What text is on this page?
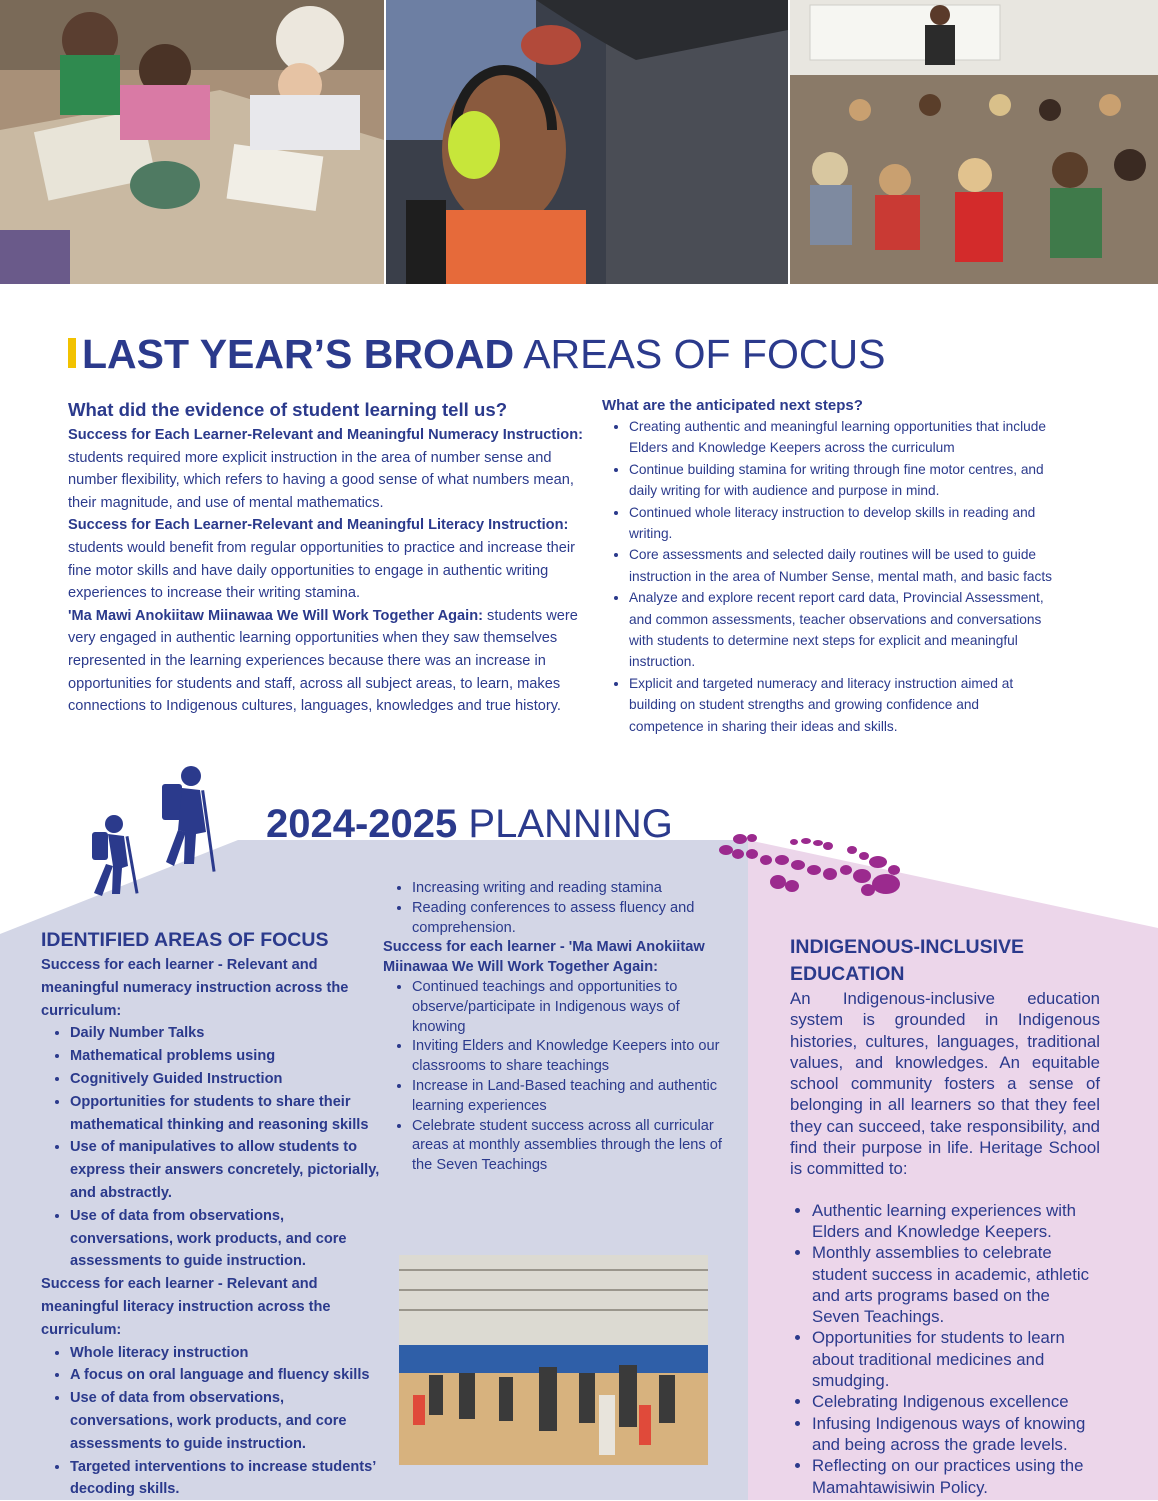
LAST YEAR’S BROAD AREAS OF FOCUS
What did the evidence of student learning tell us?
Success for Each Learner-Relevant and Meaningful Numeracy Instruction: students required more explicit instruction in the area of number sense and number flexibility, which refers to having a good sense of what numbers mean, their magnitude, and use of mental mathematics.
Success for Each Learner-Relevant and Meaningful Literacy Instruction: students would benefit from regular opportunities to practice and increase their fine motor skills and have daily opportunities to engage in authentic writing experiences to increase their writing stamina.
'Ma Mawi Anokiitaw Miinawaa We Will Work Together Again: students were very engaged in authentic learning opportunities when they saw themselves represented in the learning experiences because there was an increase in opportunities for students and staff, across all subject areas, to learn, makes connections to Indigenous cultures, languages, knowledges and true history.
What are the anticipated next steps?
• Creating authentic and meaningful learning opportunities that include Elders and Knowledge Keepers across the curriculum
• Continue building stamina for writing through fine motor centres, and daily writing for with audience and purpose in mind.
• Continued whole literacy instruction to develop skills in reading and writing.
• Core assessments and selected daily routines will be used to guide instruction in the area of Number Sense, mental math, and basic facts
• Analyze and explore recent report card data, Provincial Assessment, and common assessments, teacher observations and conversations with students to determine next steps for explicit and meaningful instruction.
• Explicit and targeted numeracy and literacy instruction aimed at building on student strengths and growing confidence and competence in sharing their ideas and skills.
2024-2025 PLANNING
IDENTIFIED AREAS OF FOCUS
Success for each learner - Relevant and meaningful numeracy instruction across the curriculum:
• Daily Number Talks
• Mathematical problems using
• Cognitively Guided Instruction
• Opportunities for students to share their mathematical thinking and reasoning skills
• Use of manipulatives to allow students to express their answers concretely, pictorially, and abstractly.
• Use of data from observations, conversations, work products, and core assessments to guide instruction.
Success for each learner - Relevant and meaningful literacy instruction across the curriculum:
• Whole literacy instruction
• A focus on oral language and fluency skills
• Use of data from observations, conversations, work products, and core assessments to guide instruction.
• Targeted interventions to increase students’ decoding skills.
• Increasing writing and reading stamina
• Reading conferences to assess fluency and comprehension.
Success for each learner - 'Ma Mawi Anokiitaw Miinawaa We Will Work Together Again:
• Continued teachings and opportunities to observe/participate in Indigenous ways of knowing
• Inviting Elders and Knowledge Keepers into our classrooms to share teachings
• Increase in Land-Based teaching and authentic learning experiences
• Celebrate student success across all curricular areas at monthly assemblies through the lens of the Seven Teachings
INDIGENOUS-INCLUSIVE EDUCATION
An Indigenous-inclusive education system is grounded in Indigenous histories, cultures, languages, traditional values, and knowledges. An equitable school community fosters a sense of belonging in all learners so that they feel they can succeed, take responsibility, and find their purpose in life. Heritage School is committed to:
• Authentic learning experiences with Elders and Knowledge Keepers.
• Monthly assemblies to celebrate student success in academic, athletic and arts programs based on the Seven Teachings.
• Opportunities for students to learn about traditional medicines and smudging.
• Celebrating Indigenous excellence
• Infusing Indigenous ways of knowing and being across the grade levels.
• Reflecting on our practices using the Mamahtawisiwin Policy.
